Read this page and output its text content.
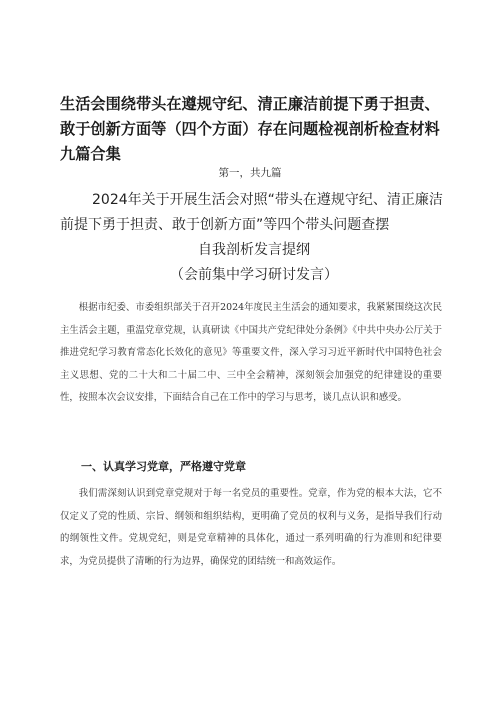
生活会围绕带头在遵规守纪、清正廉洁前提下勇于担责、敢于创新方面等（四个方面）存在问题检视剖析检查材料九篇合集
第一，共九篇
2024年关于开展生活会对照“带头在遵规守纪、清正廉洁
前提下勇于担责、敢于创新方面”等四个带头问题查摆
自我剖析发言提纲
（会前集中学习研讨发言）

根据市纪委、市委组织部关于召开2024年度民主生活会的通知要求，我紧紧围绕这次民主生活会主题，重温党章党规，认真研读《中国共产党纪律处分条例》《中共中央办公厅关于推进党纪学习教育常态化长效化的意见》等重要文件，深入学习习近平新时代中国特色社会主义思想、党的二十大和二十届二中、三中全会精神，深刻领会加强党的纪律建设的重要性，按照本次会议安排，下面结合自己在工作中的学习与思考，谈几点认识和感受。

一、认真学习党章，严格遵守党章

我们需深刻认识到党章党规对于每一名党员的重要性。党章，作为党的根本大法，它不仅定义了党的性质、宗旨、纲领和组织结构，更明确了党员的权利与义务，是指导我们行动的纲领性文件。党规党纪，则是党章精神的具体化，通过一系列明确的行为准则和纪律要求，为党员提供了清晰的行为边界，确保党的团结统一和高效运作。
